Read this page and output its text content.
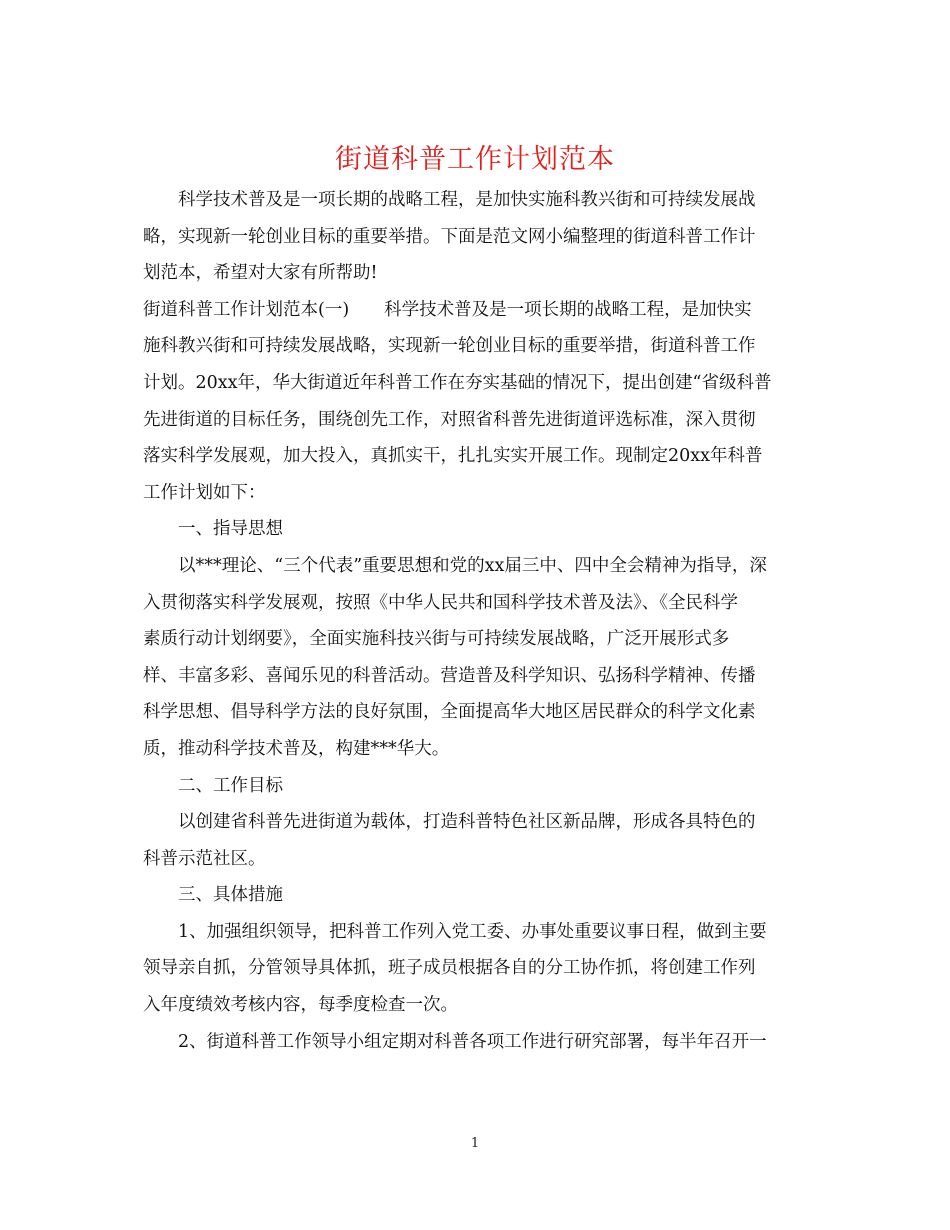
街道科普工作计划范本
科学技术普及是一项长期的战略工程，是加快实施科教兴街和可持续发展战
略，实现新一轮创业目标的重要举措。下面是范文网小编整理的街道科普工作计
划范本，希望对大家有所帮助!
街道科普工作计划范本(一)　　科学技术普及是一项长期的战略工程，是加快实
施科教兴街和可持续发展战略，实现新一轮创业目标的重要举措，街道科普工作
计划。20xx年，华大街道近年科普工作在夯实基础的情况下，提出创建“省级科普
先进街道的目标任务，围绕创先工作，对照省科普先进街道评选标准，深入贯彻
落实科学发展观，加大投入，真抓实干，扎扎实实开展工作。现制定20xx年科普
工作计划如下：
一、指导思想
以***理论、“三个代表”重要思想和党的xx届三中、四中全会精神为指导，深
入贯彻落实科学发展观，按照《中华人民共和国科学技术普及法》、《全民科学
素质行动计划纲要》，全面实施科技兴街与可持续发展战略，广泛开展形式多
样、丰富多彩、喜闻乐见的科普活动。营造普及科学知识、弘扬科学精神、传播
科学思想、倡导科学方法的良好氛围，全面提高华大地区居民群众的科学文化素
质，推动科学技术普及，构建***华大。
二、工作目标
以创建省科普先进街道为载体，打造科普特色社区新品牌，形成各具特色的
科普示范社区。
三、具体措施
1、加强组织领导，把科普工作列入党工委、办事处重要议事日程，做到主要
领导亲自抓，分管领导具体抓，班子成员根据各自的分工协作抓，将创建工作列
入年度绩效考核内容，每季度检查一次。
2、街道科普工作领导小组定期对科普各项工作进行研究部署，每半年召开一
1
